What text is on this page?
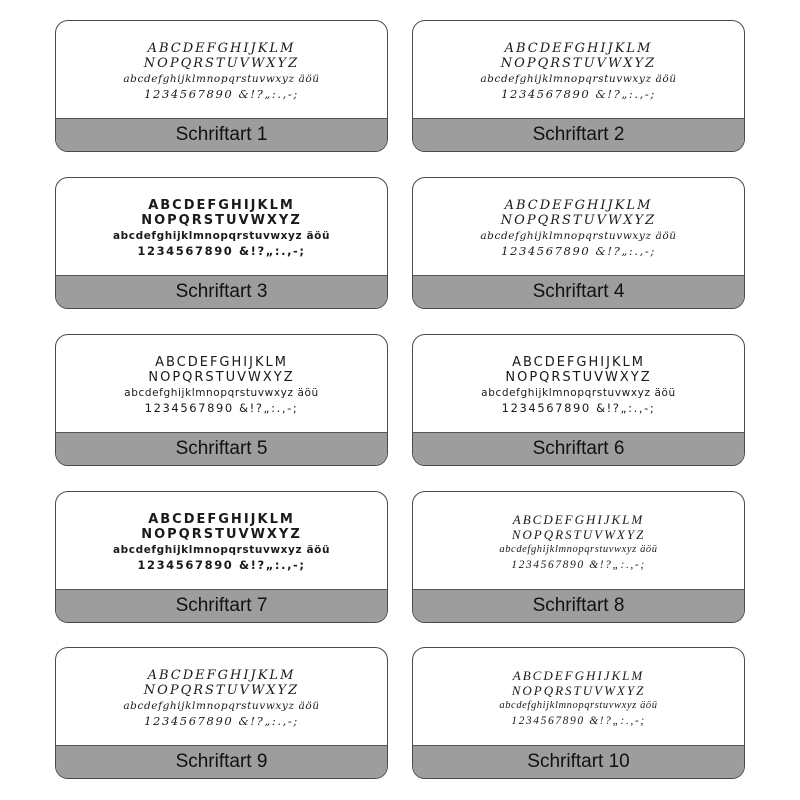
ABCDEFGHIJKLM
NOPQRSTUVWXYZ
abcdefghijklmnopqrstuvwxyz äöü
1234567890 &!?„:.,-;
Schriftart 1
ABCDEFGHIJKLM
NOPQRSTUVWXYZ
abcdefghijklmnopqrstuvwxyz äöü
1234567890 &!?„:.,-;
Schriftart 2
ABCDEFGHIJKLM
NOPQRSTUVWXYZ
abcdefghijklmnopqrstuvwxyz äöü
1234567890 &!?„:.,-;
Schriftart 3
ABCDEFGHIJKLM
NOPQRSTUVWXYZ
abcdefghijklmnopqrstuvwxyz äöü
1234567890 &!?„:.,-;
Schriftart 4
ABCDEFGHIJKLM
NOPQRSTUVWXYZ
abcdefghijklmnopqrstuvwxyz äöü
1234567890 &!?„:.,-;
Schriftart 5
ABCDEFGHIJKLM
NOPQRSTUVWXYZ
abcdefghijklmnopqrstuvwxyz äöü
1234567890 &!?„:.,-;
Schriftart 6
ABCDEFGHIJKLM
NOPQRSTUVWXYZ
abcdefghijklmnopqrstuvwxyz äöü
1234567890 &!?„:.,-;
Schriftart 7
ABCDEFGHIJKLM
NOPQRSTUVWXYZ
abcdefghijklmnopqrstuvwxyz äöü
1234567890 &!?„:.,-;
Schriftart 8
ABCDEFGHIJKLM
NOPQRSTUVWXYZ
abcdefghijklmnopqrstuvwxyz äöü
1234567890 &!?„:.,-;
Schriftart 9
ABCDEFGHIJKLM
NOPQRSTUVWXYZ
abcdefghijklmnopqrstuvwxyz äöü
1234567890 &!?„:.,-;
Schriftart 10
